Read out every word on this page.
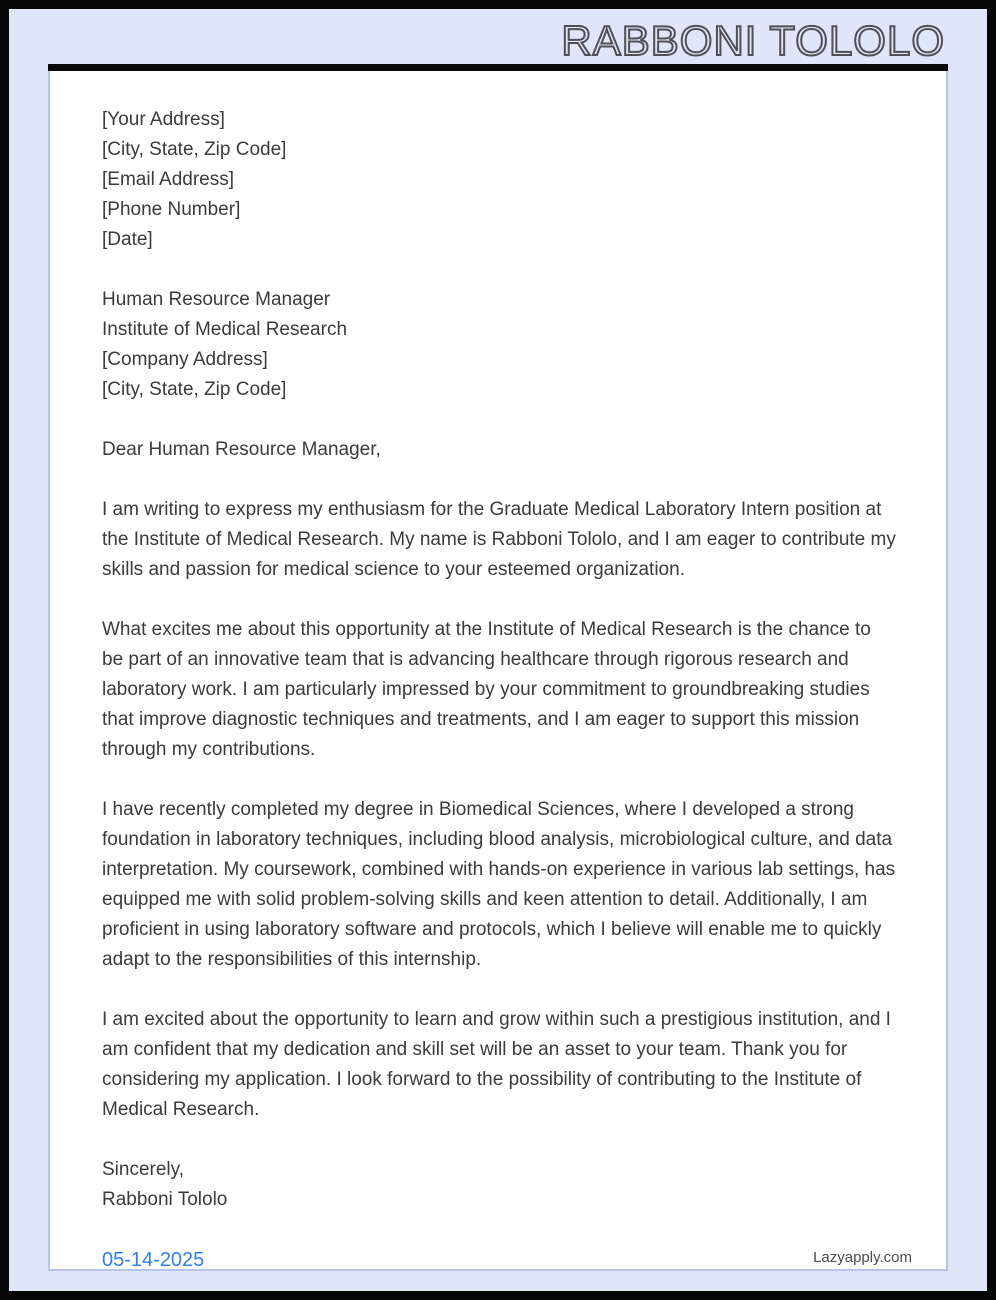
RABBONI TOLOLO
[Your Address]
[City, State, Zip Code]
[Email Address]
[Phone Number]
[Date]
Human Resource Manager
Institute of Medical Research
[Company Address]
[City, State, Zip Code]
Dear Human Resource Manager,
I am writing to express my enthusiasm for the Graduate Medical Laboratory Intern position at the Institute of Medical Research. My name is Rabboni Tololo, and I am eager to contribute my skills and passion for medical science to your esteemed organization.
What excites me about this opportunity at the Institute of Medical Research is the chance to be part of an innovative team that is advancing healthcare through rigorous research and laboratory work. I am particularly impressed by your commitment to groundbreaking studies that improve diagnostic techniques and treatments, and I am eager to support this mission through my contributions.
I have recently completed my degree in Biomedical Sciences, where I developed a strong foundation in laboratory techniques, including blood analysis, microbiological culture, and data interpretation. My coursework, combined with hands-on experience in various lab settings, has equipped me with solid problem-solving skills and keen attention to detail. Additionally, I am proficient in using laboratory software and protocols, which I believe will enable me to quickly adapt to the responsibilities of this internship.
I am excited about the opportunity to learn and grow within such a prestigious institution, and I am confident that my dedication and skill set will be an asset to your team. Thank you for considering my application. I look forward to the possibility of contributing to the Institute of Medical Research.
Sincerely,
Rabboni Tololo
05-14-2025	Lazyapply.com
